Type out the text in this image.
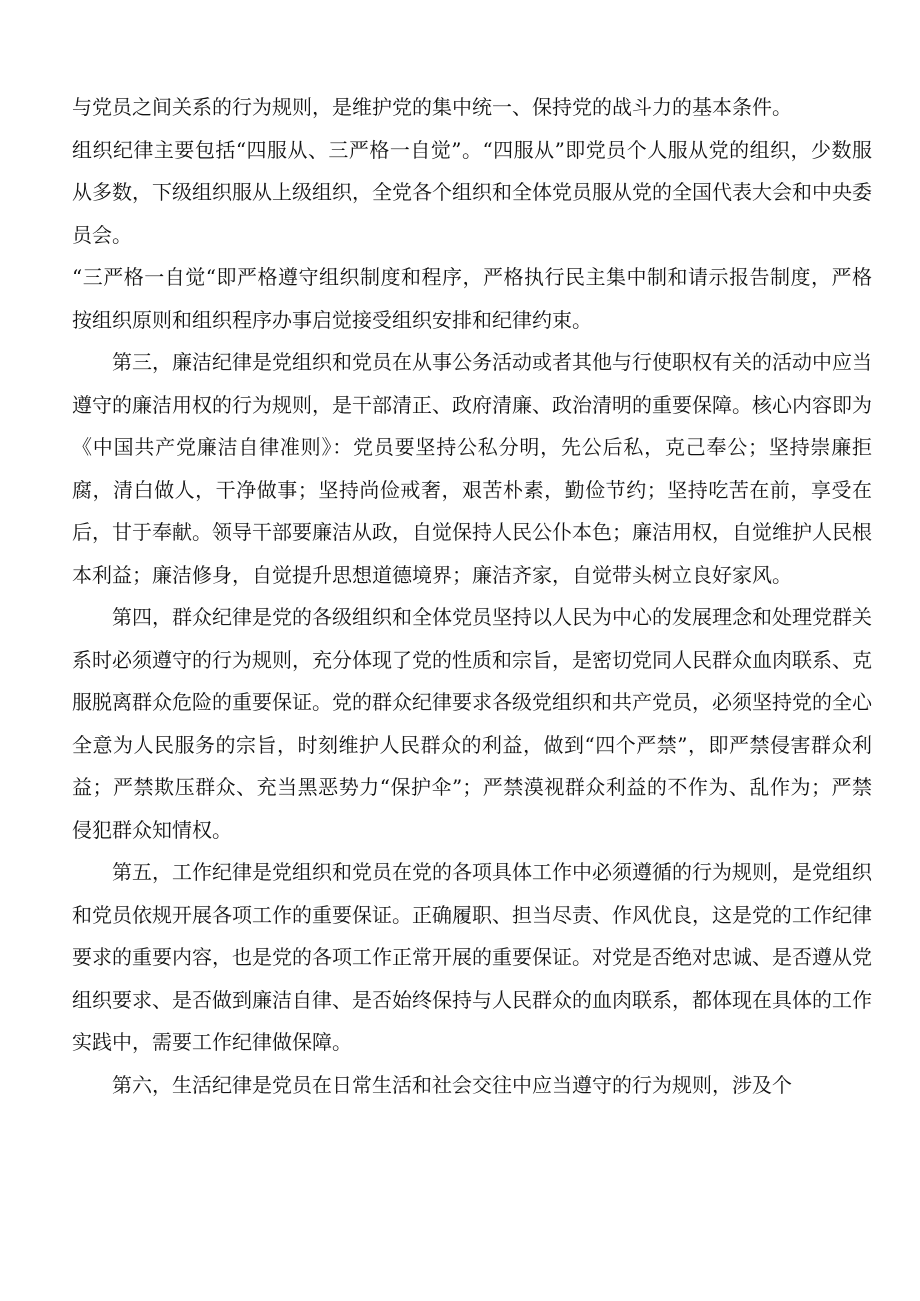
与党员之间关系的行为规则，是维护党的集中统一、保持党的战斗力的基本条件。

组织纪律主要包括“四服从、三严格一自觉”。“四服从”即党员个人服从党的组织，少数服从多数，下级组织服从上级组织，全党各个组织和全体党员服从党的全国代表大会和中央委员会。

“三严格一自觉“即严格遵守组织制度和程序，严格执行民主集中制和请示报告制度，严格按组织原则和组织程序办事启觉接受组织安排和纪律约束。

第三，廉洁纪律是党组织和党员在从事公务活动或者其他与行使职权有关的活动中应当遵守的廉洁用权的行为规则，是干部清正、政府清廉、政治清明的重要保障。核心内容即为《中国共产党廉洁自律准则》：党员要坚持公私分明，先公后私，克己奉公；坚持崇廉拒腐，清白做人，干净做事；坚持尚俭戒奢，艰苦朴素，勤俭节约；坚持吃苦在前，享受在后，甘于奉献。领导干部要廉洁从政，自觉保持人民公仆本色；廉洁用权，自觉维护人民根本利益；廉洁修身，自觉提升思想道德境界；廉洁齐家，自觉带头树立良好家风。

第四，群众纪律是党的各级组织和全体党员坚持以人民为中心的发展理念和处理党群关系时必须遵守的行为规则，充分体现了党的性质和宗旨，是密切党同人民群众血肉联系、克服脱离群众危险的重要保证。党的群众纪律要求各级党组织和共产党员，必须坚持党的全心全意为人民服务的宗旨，时刻维护人民群众的利益，做到“四个严禁”，即严禁侵害群众利益；严禁欺压群众、充当黑恶势力“保护伞”；严禁漠视群众利益的不作为、乱作为；严禁侵犯群众知情权。

第五，工作纪律是党组织和党员在党的各项具体工作中必须遵循的行为规则，是党组织和党员依规开展各项工作的重要保证。正确履职、担当尽责、作风优良，这是党的工作纪律要求的重要内容，也是党的各项工作正常开展的重要保证。对党是否绝对忠诚、是否遵从党组织要求、是否做到廉洁自律、是否始终保持与人民群众的血肉联系，都体现在具体的工作实践中，需要工作纪律做保障。

第六，生活纪律是党员在日常生活和社会交往中应当遵守的行为规则，涉及个
